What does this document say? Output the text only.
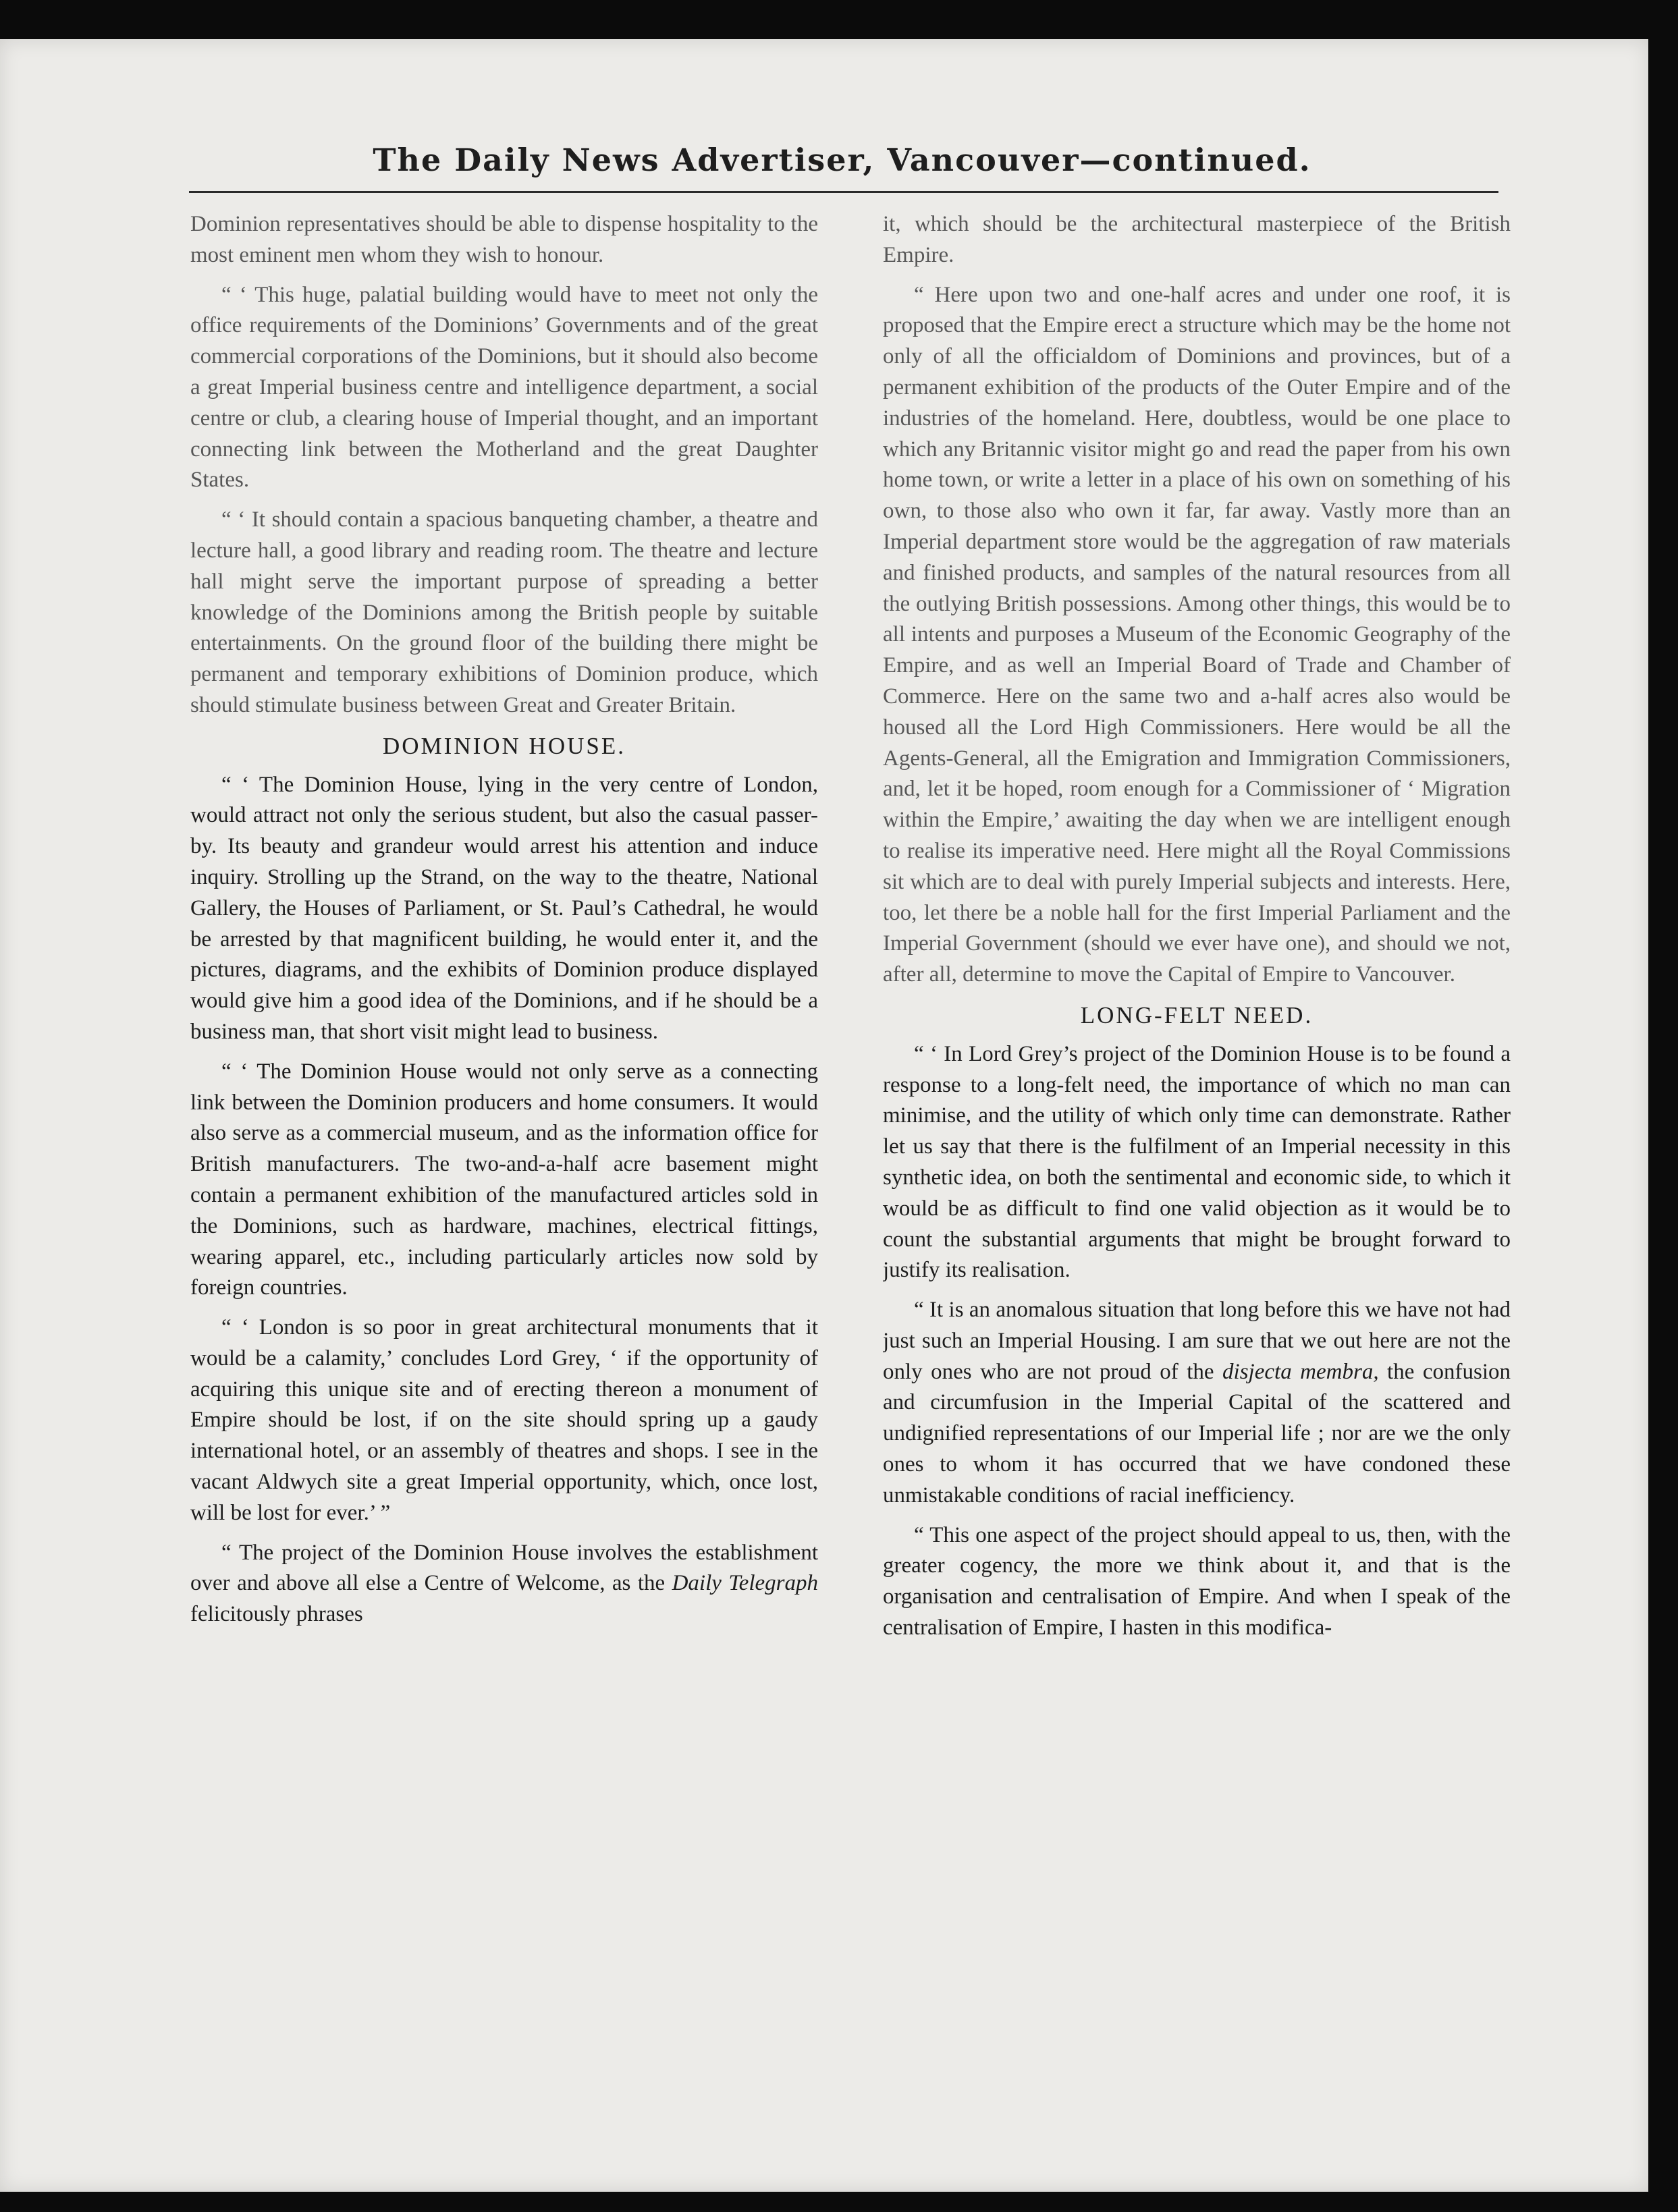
The Daily News Advertiser, Vancouver—continued.

Dominion representatives should be able to dispense hospitality to the most eminent men whom they wish to honour.

“ ‘ This huge, palatial building would have to meet not only the office requirements of the Dominions’ Governments and of the great commercial corporations of the Dominions, but it should also become a great Imperial business centre and intelligence department, a social centre or club, a clearing house of Imperial thought, and an important connecting link between the Motherland and the great Daughter States.

“ ‘ It should contain a spacious banqueting chamber, a theatre and lecture hall, a good library and reading room. The theatre and lecture hall might serve the important purpose of spreading a better knowledge of the Dominions among the British people by suitable entertainments. On the ground floor of the building there might be permanent and temporary exhibitions of Dominion produce, which should stimulate business between Great and Greater Britain.

DOMINION HOUSE.

“ ‘ The Dominion House, lying in the very centre of London, would attract not only the serious student, but also the casual passer-by. Its beauty and grandeur would arrest his attention and induce inquiry. Strolling up the Strand, on the way to the theatre, National Gallery, the Houses of Parliament, or St. Paul’s Cathedral, he would be arrested by that magnificent building, he would enter it, and the pictures, diagrams, and the exhibits of Dominion produce displayed would give him a good idea of the Dominions, and if he should be a business man, that short visit might lead to business.

“ ‘ The Dominion House would not only serve as a connecting link between the Dominion producers and home consumers. It would also serve as a commercial museum, and as the information office for British manufacturers. The two-and-a-half acre basement might contain a permanent exhibition of the manufactured articles sold in the Dominions, such as hardware, machines, electrical fittings, wearing apparel, etc., including particularly articles now sold by foreign countries.

“ ‘ London is so poor in great architectural monuments that it would be a calamity,’ concludes Lord Grey, ‘ if the opportunity of acquiring this unique site and of erecting thereon a monument of Empire should be lost, if on the site should spring up a gaudy international hotel, or an assembly of theatres and shops. I see in the vacant Aldwych site a great Imperial opportunity, which, once lost, will be lost for ever.’ ”

“ The project of the Dominion House involves the establishment over and above all else a Centre of Welcome, as the Daily Telegraph felicitously phrases

it, which should be the architectural masterpiece of the British Empire.

“ Here upon two and one-half acres and under one roof, it is proposed that the Empire erect a structure which may be the home not only of all the officialdom of Dominions and provinces, but of a permanent exhibition of the products of the Outer Empire and of the industries of the homeland. Here, doubtless, would be one place to which any Britannic visitor might go and read the paper from his own home town, or write a letter in a place of his own on something of his own, to those also who own it far, far away. Vastly more than an Imperial department store would be the aggregation of raw materials and finished products, and samples of the natural resources from all the outlying British possessions. Among other things, this would be to all intents and purposes a Museum of the Economic Geography of the Empire, and as well an Imperial Board of Trade and Chamber of Commerce. Here on the same two and a-half acres also would be housed all the Lord High Commissioners. Here would be all the Agents-General, all the Emigration and Immigration Commissioners, and, let it be hoped, room enough for a Commissioner of ‘ Migration within the Empire,’ awaiting the day when we are intelligent enough to realise its imperative need. Here might all the Royal Commissions sit which are to deal with purely Imperial subjects and interests. Here, too, let there be a noble hall for the first Imperial Parliament and the Imperial Government (should we ever have one), and should we not, after all, determine to move the Capital of Empire to Vancouver.

LONG-FELT NEED.

“ ‘ In Lord Grey’s project of the Dominion House is to be found a response to a long-felt need, the importance of which no man can minimise, and the utility of which only time can demonstrate. Rather let us say that there is the fulfilment of an Imperial necessity in this synthetic idea, on both the sentimental and economic side, to which it would be as difficult to find one valid objection as it would be to count the substantial arguments that might be brought forward to justify its realisation.

“ It is an anomalous situation that long before this we have not had just such an Imperial Housing. I am sure that we out here are not the only ones who are not proud of the disjecta membra, the confusion and circumfusion in the Imperial Capital of the scattered and undignified representations of our Imperial life ; nor are we the only ones to whom it has occurred that we have condoned these unmistakable conditions of racial inefficiency.

“ This one aspect of the project should appeal to us, then, with the greater cogency, the more we think about it, and that is the organisation and centralisation of Empire. And when I speak of the centralisation of Empire, I hasten in this modifica-
